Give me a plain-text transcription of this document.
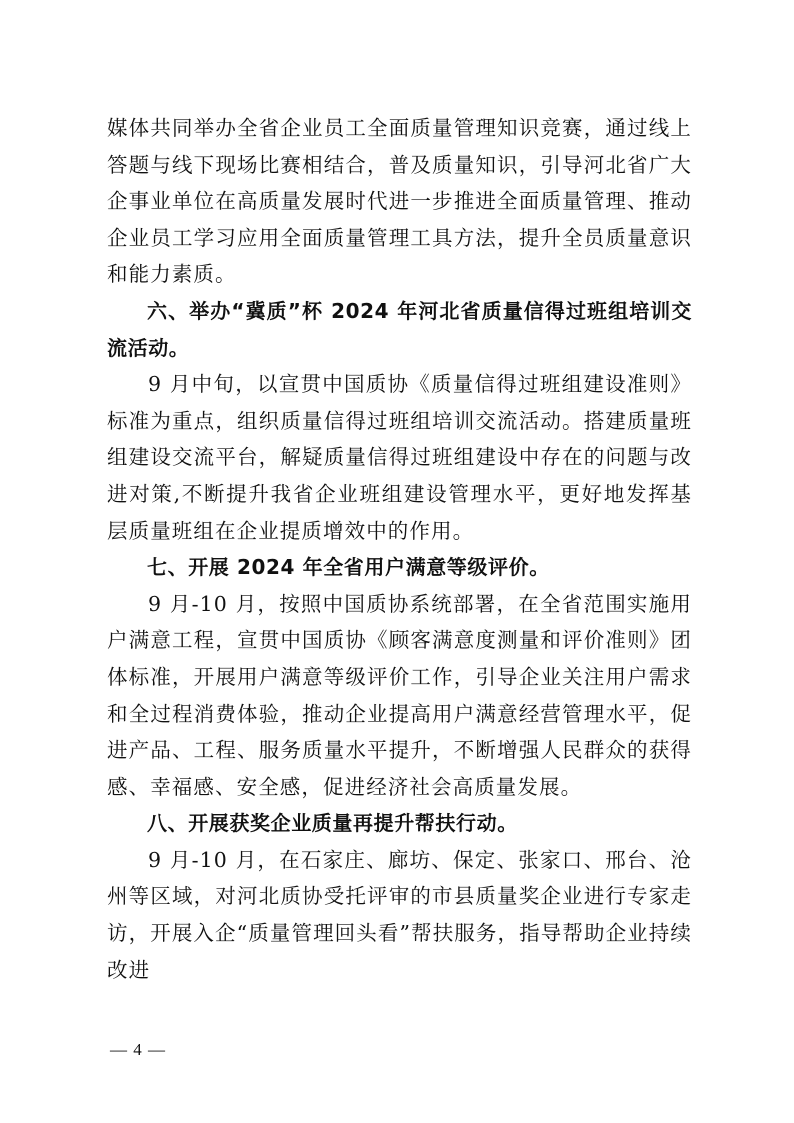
媒体共同举办全省企业员工全面质量管理知识竞赛，通过线上答题与线下现场比赛相结合，普及质量知识，引导河北省广大企事业单位在高质量发展时代进一步推进全面质量管理、推动企业员工学习应用全面质量管理工具方法，提升全员质量意识和能力素质。

六、举办“冀质”杯 2024 年河北省质量信得过班组培训交流活动。

9 月中旬，以宣贯中国质协《质量信得过班组建设准则》标准为重点，组织质量信得过班组培训交流活动。搭建质量班组建设交流平台，解疑质量信得过班组建设中存在的问题与改进对策,不断提升我省企业班组建设管理水平，更好地发挥基层质量班组在企业提质增效中的作用。

七、开展 2024 年全省用户满意等级评价。

9 月-10 月，按照中国质协系统部署，在全省范围实施用户满意工程，宣贯中国质协《顾客满意度测量和评价准则》团体标准，开展用户满意等级评价工作，引导企业关注用户需求和全过程消费体验，推动企业提高用户满意经营管理水平，促进产品、工程、服务质量水平提升，不断增强人民群众的获得感、幸福感、安全感，促进经济社会高质量发展。

八、开展获奖企业质量再提升帮扶行动。

9 月-10 月，在石家庄、廊坊、保定、张家口、邢台、沧州等区域，对河北质协受托评审的市县质量奖企业进行专家走访，开展入企“质量管理回头看”帮扶服务，指导帮助企业持续改进

— 4 —
